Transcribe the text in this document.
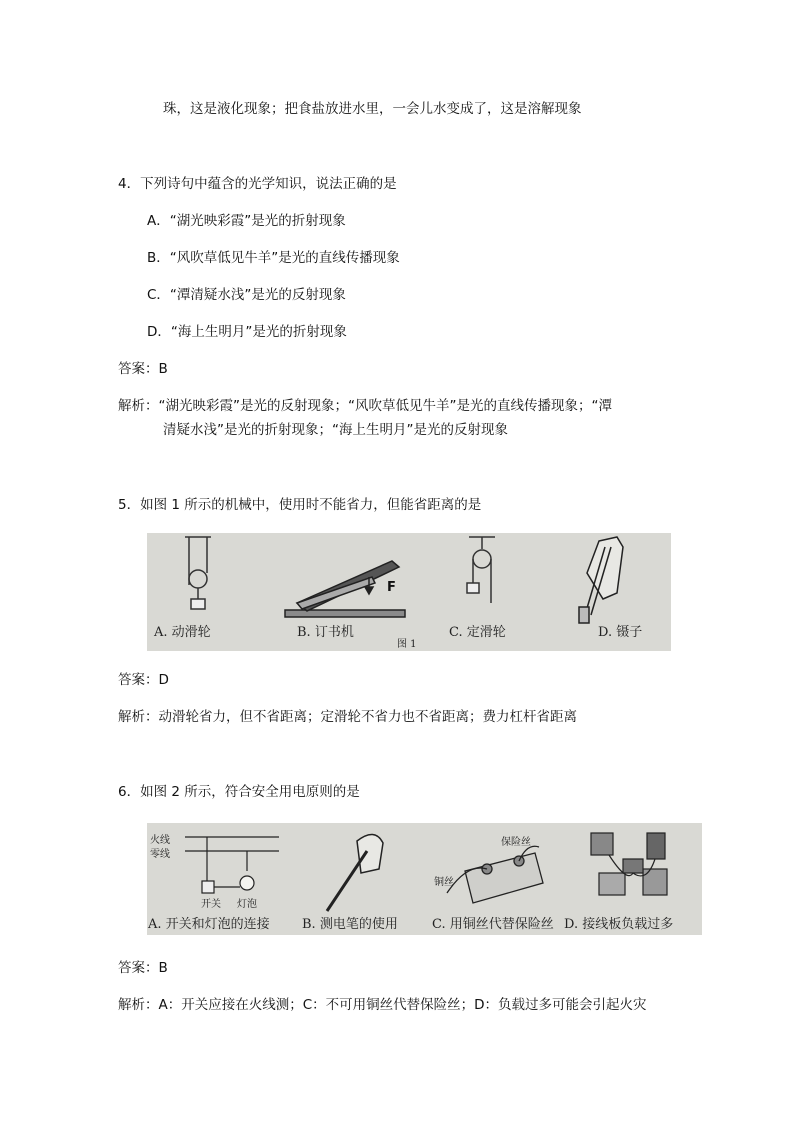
珠，这是液化现象；把食盐放进水里，一会儿水变成了，这是溶解现象
4．下列诗句中蕴含的光学知识，说法正确的是
A．“湖光映彩霞”是光的折射现象
B．“风吹草低见牛羊”是光的直线传播现象
C．“潭清疑水浅”是光的反射现象
D．“海上生明月”是光的折射现象
答案：B
解析：“湖光映彩霞”是光的反射现象；“风吹草低见牛羊”是光的直线传播现象；“潭
清疑水浅”是光的折射现象；“海上生明月”是光的反射现象
5．如图 1 所示的机械中，使用时不能省力，但能省距离的是
F
A. 动滑轮	B. 订书机	C. 定滑轮	D. 镊子
图 1
答案：D
解析：动滑轮省力，但不省距离；定滑轮不省力也不省距离；费力杠杆省距离
6．如图 2 所示，符合安全用电原则的是
火线
零线
开关 灯泡
保险丝
铜丝
A. 开关和灯泡的连接 B. 测电笔的使用	C. 用铜丝代替保险丝 D. 接线板负载过多
答案：B
解析：A：开关应接在火线测；C：不可用铜丝代替保险丝；D：负载过多可能会引起火灾
